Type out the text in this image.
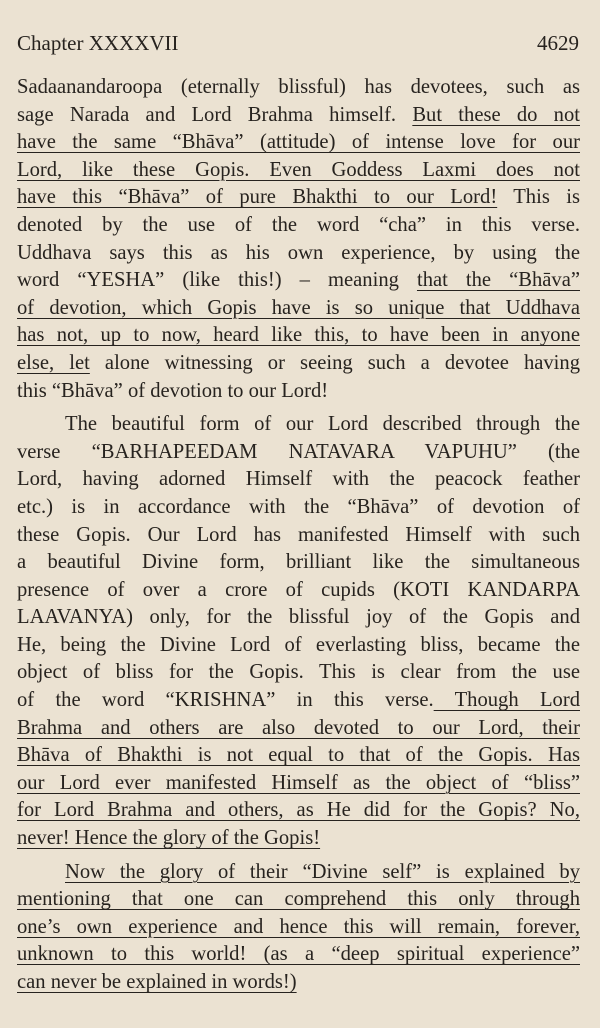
Chapter XXXXVII	4629
Sadaanandaroopa (eternally blissful) has devotees, such as
sage Narada and Lord Brahma himself. But these do not
have the same “Bhāva” (attitude) of intense love for our
Lord, like these Gopis. Even Goddess Laxmi does not
have this “Bhāva” of pure Bhakthi to our Lord! This is
denoted by the use of the word “cha” in this verse.
Uddhava says this as his own experience, by using the
word “YESHA” (like this!) – meaning that the “Bhāva”
of devotion, which Gopis have is so unique that Uddhava
has not, up to now, heard like this, to have been in anyone
else, let alone witnessing or seeing such a devotee having
this “Bhāva” of devotion to our Lord!
The beautiful form of our Lord described through the
verse “BARHAPEEDAM NATAVARA VAPUHU” (the
Lord, having adorned Himself with the peacock feather
etc.) is in accordance with the “Bhāva” of devotion of
these Gopis. Our Lord has manifested Himself with such
a beautiful Divine form, brilliant like the simultaneous
presence of over a crore of cupids (KOTI KANDARPA
LAAVANYA) only, for the blissful joy of the Gopis and
He, being the Divine Lord of everlasting bliss, became the
object of bliss for the Gopis. This is clear from the use
of the word “KRISHNA” in this verse. Though Lord
Brahma and others are also devoted to our Lord, their
Bhāva of Bhakthi is not equal to that of the Gopis. Has
our Lord ever manifested Himself as the object of “bliss”
for Lord Brahma and others, as He did for the Gopis? No,
never! Hence the glory of the Gopis!
Now the glory of their “Divine self” is explained by
mentioning that one can comprehend this only through
one’s own experience and hence this will remain, forever,
unknown to this world! (as a “deep spiritual experience”
can never be explained in words!)
